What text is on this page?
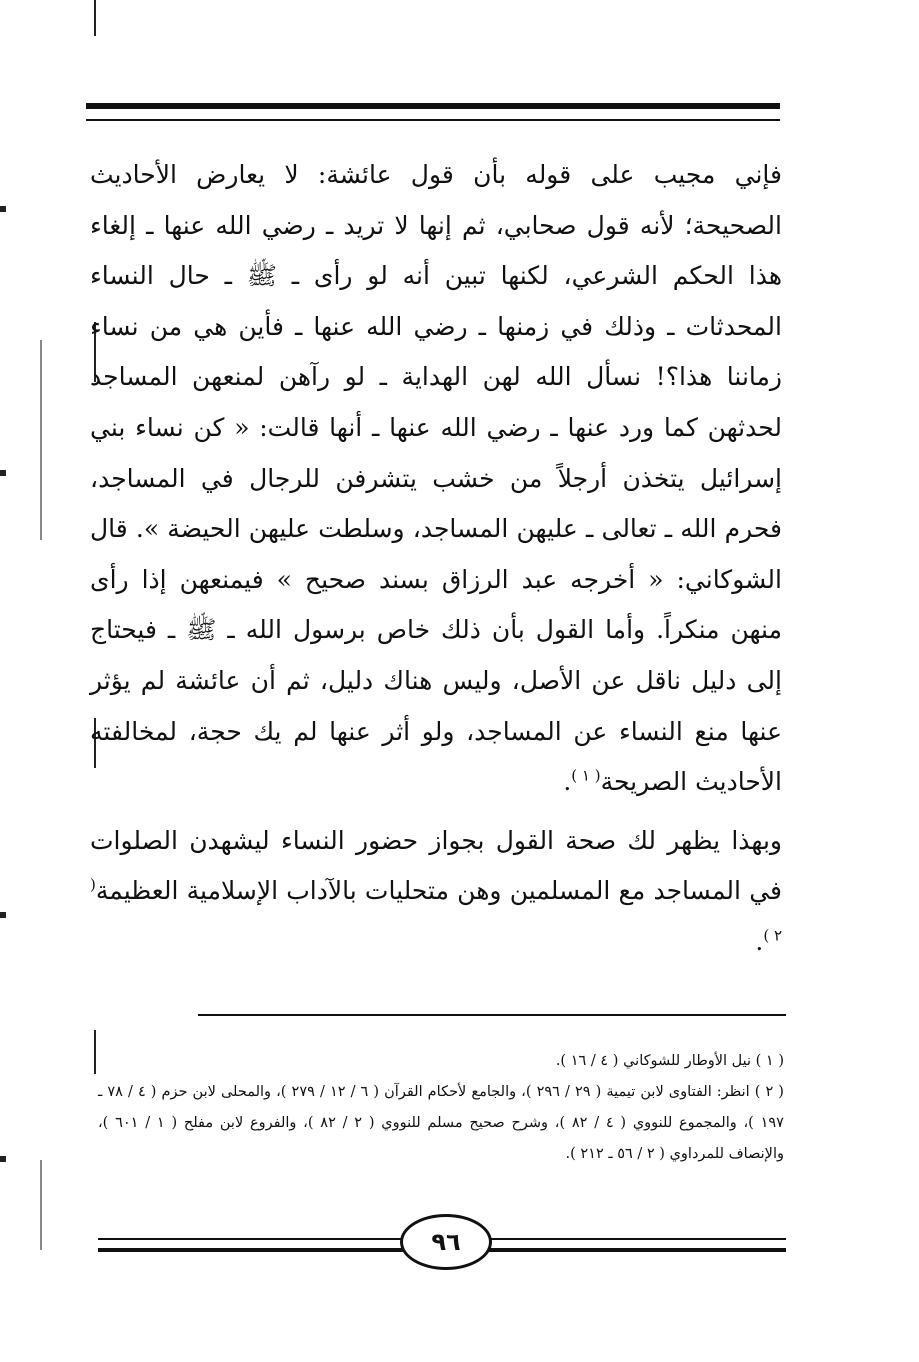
فإني مجيب على قوله بأن قول عائشة: لا يعارض الأحاديث الصحيحة؛ لأنه قول صحابي، ثم إنها لا تريد ـ رضي الله عنها ـ إلغاء هذا الحكم الشرعي، لكنها تبين أنه لو رأى ـ ﷺ ـ حال النساء المحدثات ـ وذلك في زمنها ـ رضي الله عنها ـ فأين هي من نساء زماننا هذا؟! نسأل الله لهن الهداية ـ لو رآهن لمنعهن المساجد لحدثهن كما ورد عنها ـ رضي الله عنها ـ أنها قالت: « كن نساء بني إسرائيل يتخذن أرجلاً من خشب يتشرفن للرجال في المساجد، فحرم الله ـ تعالى ـ عليهن المساجد، وسلطت عليهن الحيضة ». قال الشوكاني: « أخرجه عبد الرزاق بسند صحيح » فيمنعهن إذا رأى منهن منكراً. وأما القول بأن ذلك خاص برسول الله ـ ﷺ ـ فيحتاج إلى دليل ناقل عن الأصل، وليس هناك دليل، ثم أن عائشة لم يؤثر عنها منع النساء عن المساجد، ولو أثر عنها لم يك حجة، لمخالفته الأحاديث الصريحة$^{( ١ )}$.

وبهذا يظهر لك صحة القول بجواز حضور النساء ليشهدن الصلوات في المساجد مع المسلمين وهن متحليات بالآداب الإسلامية العظيمة$^{( ٢ )}$.

( ١ ) نيل الأوطار للشوكاني ( ٤ / ١٦ ).

( ٢ ) انظر: الفتاوى لابن تيمية ( ٢٩ / ٢٩٦ )، والجامع لأحكام القرآن ( ٦ / ١٢ / ٢٧٩ )، والمحلى لابن حزم ( ٤ / ٧٨ ـ ١٩٧ )، والمجموع للنووي ( ٤ / ٨٢ )، وشرح صحيح مسلم للنووي ( ٢ / ٨٢ )، والفروع لابن مفلح ( ١ / ٦٠١ )، والإنصاف للمرداوي ( ٢ / ٥٦ ـ ٢١٢ ).

٩٦
